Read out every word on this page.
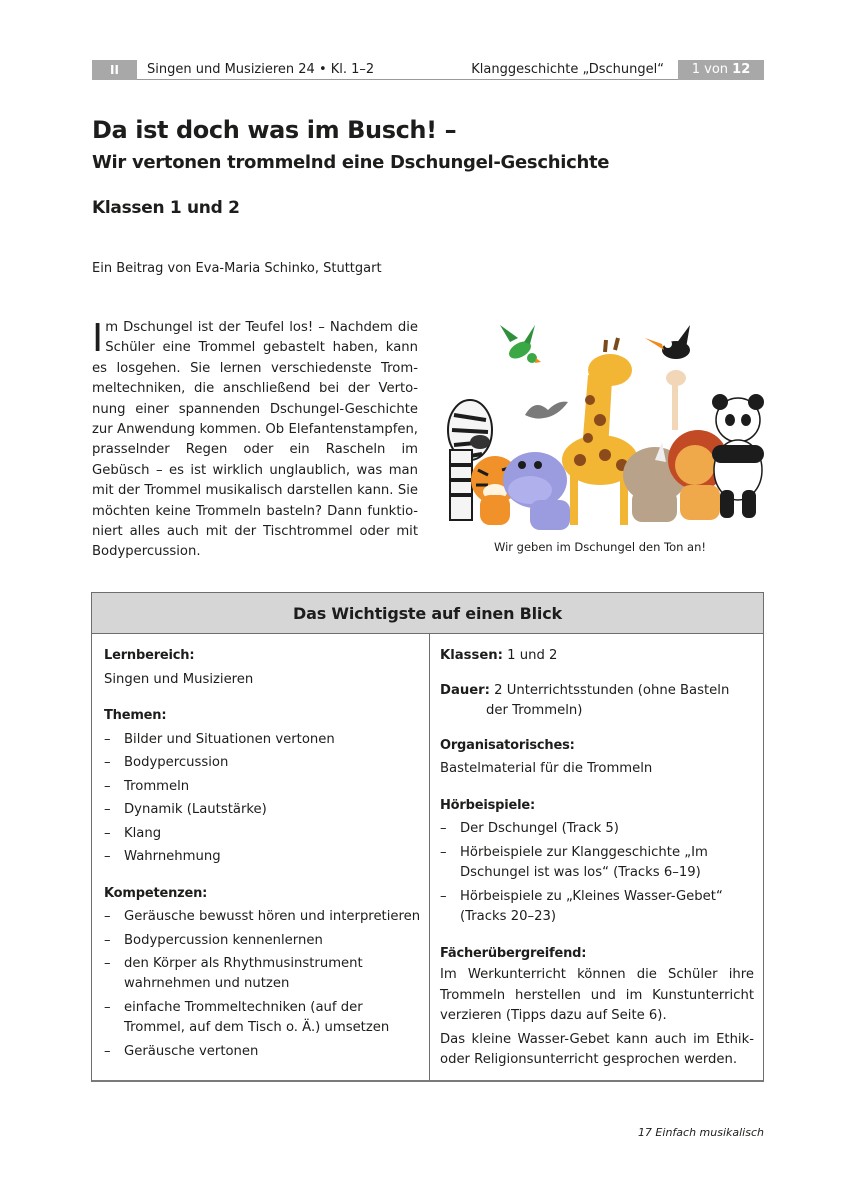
II	Singen und Musizieren 24 • Kl. 1–2	Klanggeschichte „Dschungel“	1 von 12
Da ist doch was im Busch! –
Wir vertonen trommelnd eine Dschungel-Geschichte
Klassen 1 und 2

Ein Beitrag von Eva-Maria Schinko, Stuttgart

Im Dschungel ist der Teufel los! – Nachdem die Schüler eine Trommel gebastelt haben, kann es losgehen. Sie lernen verschiedenste Trommeltechniken, die anschließend bei der Vertonung einer spannenden Dschungel-Geschichte zur Anwendung kommen. Ob Elefantenstampfen, prasselnder Regen oder ein Rascheln im Gebüsch – es ist wirklich unglaublich, was man mit der Trommel musikalisch darstellen kann. Sie möchten keine Trommeln basteln? Dann funktioniert alles auch mit der Tischtrommel oder mit Bodypercussion.	Wir geben im Dschungel den Ton an!
Das Wichtigste auf einen Blick
Lernbereich:
Singen und Musizieren
Themen:
– Bilder und Situationen vertonen
– Bodypercussion
– Trommeln
– Dynamik (Lautstärke)
– Klang
– Wahrnehmung
Kompetenzen:
– Geräusche bewusst hören und interpretieren
– Bodypercussion kennenlernen
– den Körper als Rhythmusinstrument wahrnehmen und nutzen
– einfache Trommeltechniken (auf der Trommel, auf dem Tisch o. Ä.) umsetzen
– Geräusche vertonen
Klassen: 1 und 2
Dauer: 2 Unterrichtsstunden (ohne Basteln
der Trommeln)
Organisatorisches:
Bastelmaterial für die Trommeln
Hörbeispiele:
– Der Dschungel (Track 5)
– Hörbeispiele zur Klanggeschichte „Im Dschungel ist was los“ (Tracks 6–19)
– Hörbeispiele zu „Kleines Wasser-Gebet“ (Tracks 20–23)
Fächerübergreifend:

Im Werkunterricht können die Schüler ihre Trommeln herstellen und im Kunstunterricht verzieren (Tipps dazu auf Seite 6).

Das kleine Wasser-Gebet kann auch im Ethik- oder Religionsunterricht gesprochen werden.

17 Einfach musikalisch
